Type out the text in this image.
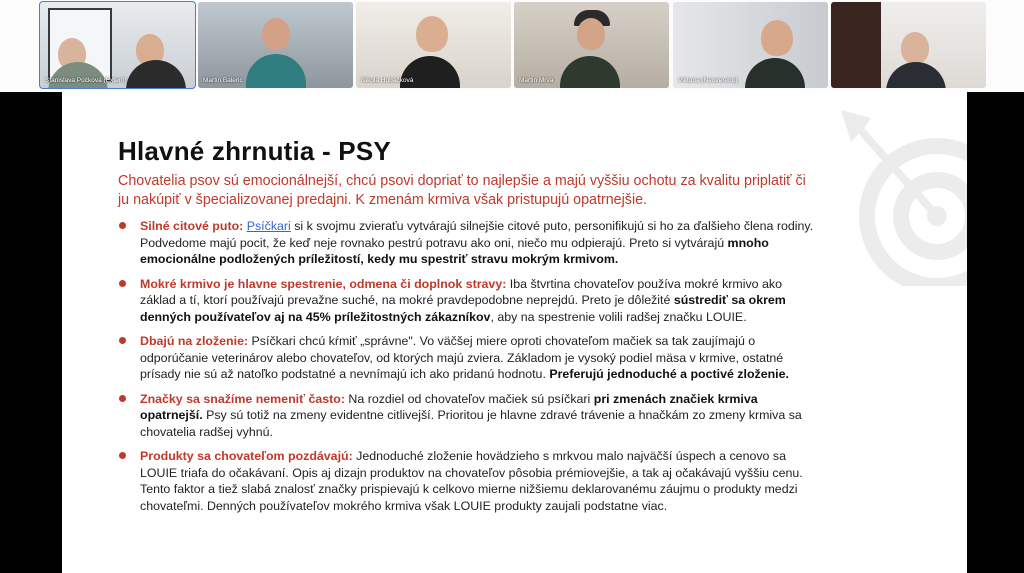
Stanislava Púčková (Extern)	Martin Baleric	Nikola Hubačková	Martin Mrva	Viktória (Neovereno)
Hlavné zhrnutia - PSY

Chovatelia psov sú emocionálnejší, chcú psovi dopriať to najlepšie a majú vyššiu ochotu za kvalitu priplatiť či ju nakúpiť v špecializovanej predajni. K zmenám krmiva však pristupujú opatrnejšie.

Silné citové puto: Psíčkari si k svojmu zvieraťu vytvárajú silnejšie citové puto, personifikujú si ho za ďalšieho člena rodiny. Podvedome majú pocit, že keď neje rovnako pestrú potravu ako oni, niečo mu odpierajú. Preto si vytvárajú mnoho emocionálne podložených príležitostí, kedy mu spestriť stravu mokrým krmivom.
Mokré krmivo je hlavne spestrenie, odmena či doplnok stravy: Iba štvrtina chovateľov používa mokré krmivo ako základ a tí, ktorí používajú prevažne suché, na mokré pravdepodobne neprejdú. Preto je dôležité sústrediť sa okrem denných používateľov aj na 45% príležitostných zákazníkov, aby na spestrenie volili radšej značku LOUIE.
Dbajú na zloženie: Psíčkari chcú kŕmiť „správne". Vo väčšej miere oproti chovateľom mačiek sa tak zaujímajú o odporúčanie veterinárov alebo chovateľov, od ktorých majú zviera. Základom je vysoký podiel mäsa v krmive, ostatné prísady nie sú až natoľko podstatné a nevnímajú ich ako pridanú hodnotu. Preferujú jednoduché a poctivé zloženie.
Značky sa snažíme nemeniť často: Na rozdiel od chovateľov mačiek sú psíčkari pri zmenách značiek krmiva opatrnejší. Psy sú totiž na zmeny evidentne citlivejší. Prioritou je hlavne zdravé trávenie a hnačkám zo zmeny krmiva sa chovatelia radšej vyhnú.
Produkty sa chovateľom pozdávajú: Jednoduché zloženie hovädzieho s mrkvou malo najväčší úspech a cenovo sa LOUIE triafa do očakávaní. Opis aj dizajn produktov na chovateľov pôsobia prémiovejšie, a tak aj očakávajú vyššiu cenu. Tento faktor a tiež slabá znalosť značky prispievajú k celkovo mierne nižšiemu deklarovanému záujmu o produkty medzi chovateľmi. Denných používateľov mokrého krmiva však LOUIE produkty zaujali podstatne viac.
